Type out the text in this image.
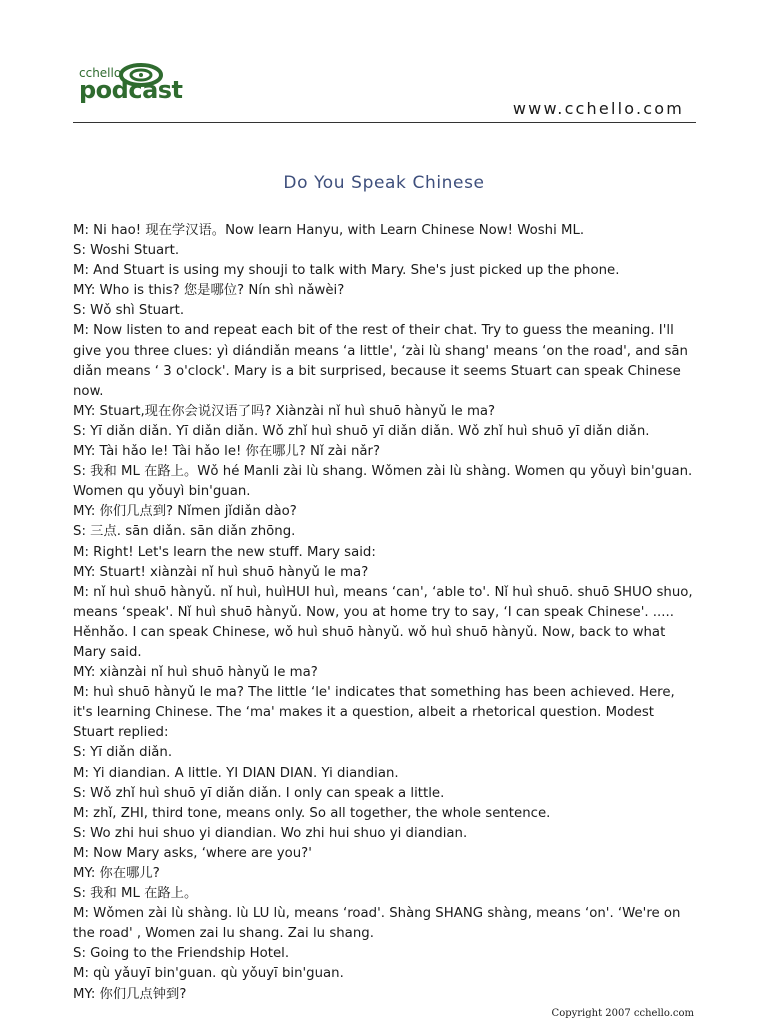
cchello
podcast
www.cchello.com
Do You Speak Chinese

M: Ni hao! 现在学汉语。Now learn Hanyu, with Learn Chinese Now! Woshi ML.

S: Woshi Stuart.

M: And Stuart is using my shouji to talk with Mary. She's just picked up the phone.

MY: Who is this? 您是哪位? Nín shì nǎwèi?

S: Wǒ shì Stuart.

M: Now listen to and repeat each bit of the rest of their chat. Try to guess the meaning. I'll give you three clues: yì diándiǎn means ‘a little', ‘zài lù shang' means ‘on the road', and sān diǎn means ‘ 3 o'clock'. Mary is a bit surprised, because it seems Stuart can speak Chinese now.

MY: Stuart,现在你会说汉语了吗? Xiànzài nǐ huì shuō hànyǔ le ma?

S: Yī diǎn diǎn. Yī diǎn diǎn. Wǒ zhǐ huì shuō yī diǎn diǎn. Wǒ zhǐ huì shuō yī diǎn diǎn.

MY: Tài hǎo le! Tài hǎo le! 你在哪儿? Nǐ zài nǎr?

S: 我和 ML 在路上。Wǒ hé Manli zài lù shang. Wǒmen zài lù shàng. Women qu yǒuyì bin'guan. Women qu yǒuyì bin'guan.

MY: 你们几点到? Nǐmen jǐdiǎn dào?

S: 三点. sān diǎn. sān diǎn zhōng.

M: Right! Let's learn the new stuff. Mary said:

MY: Stuart! xiànzài nǐ huì shuō hànyǔ le ma?

M: nǐ huì shuō hànyǔ. nǐ huì, huìHUI huì, means ‘can', ‘able to'. Nǐ huì shuō. shuō SHUO shuo, means ‘speak'. Nǐ huì shuō hànyǔ. Now, you at home try to say, ‘I can speak Chinese'. ..... Hěnhǎo. I can speak Chinese, wǒ huì shuō hànyǔ. wǒ huì shuō hànyǔ. Now, back to what Mary said.

MY: xiànzài nǐ huì shuō hànyǔ le ma?

M: huì shuō hànyǔ le ma? The little ‘le' indicates that something has been achieved. Here, it's learning Chinese. The ‘ma' makes it a question, albeit a rhetorical question. Modest Stuart replied:

S: Yī diǎn diǎn.

M: Yi diandian. A little. YI DIAN DIAN. Yi diandian.

S: Wǒ zhǐ huì shuō yī diǎn diǎn. I only can speak a little.

M: zhǐ, ZHI, third tone, means only. So all together, the whole sentence.

S: Wo zhi hui shuo yi diandian. Wo zhi hui shuo yi diandian.

M: Now Mary asks, ‘where are you?'

MY: 你在哪儿?

S: 我和 ML 在路上。

M: Wǒmen zài lù shàng. lù LU lù, means ‘road'. Shàng SHANG shàng, means ‘on'. ‘We're on the road' , Women zai lu shang. Zai lu shang.

S: Going to the Friendship Hotel.

M: qù yǎuyī bin'guan. qù yǒuyī bin'guan.

MY: 你们几点钟到?

Copyright 2007 cchello.com
